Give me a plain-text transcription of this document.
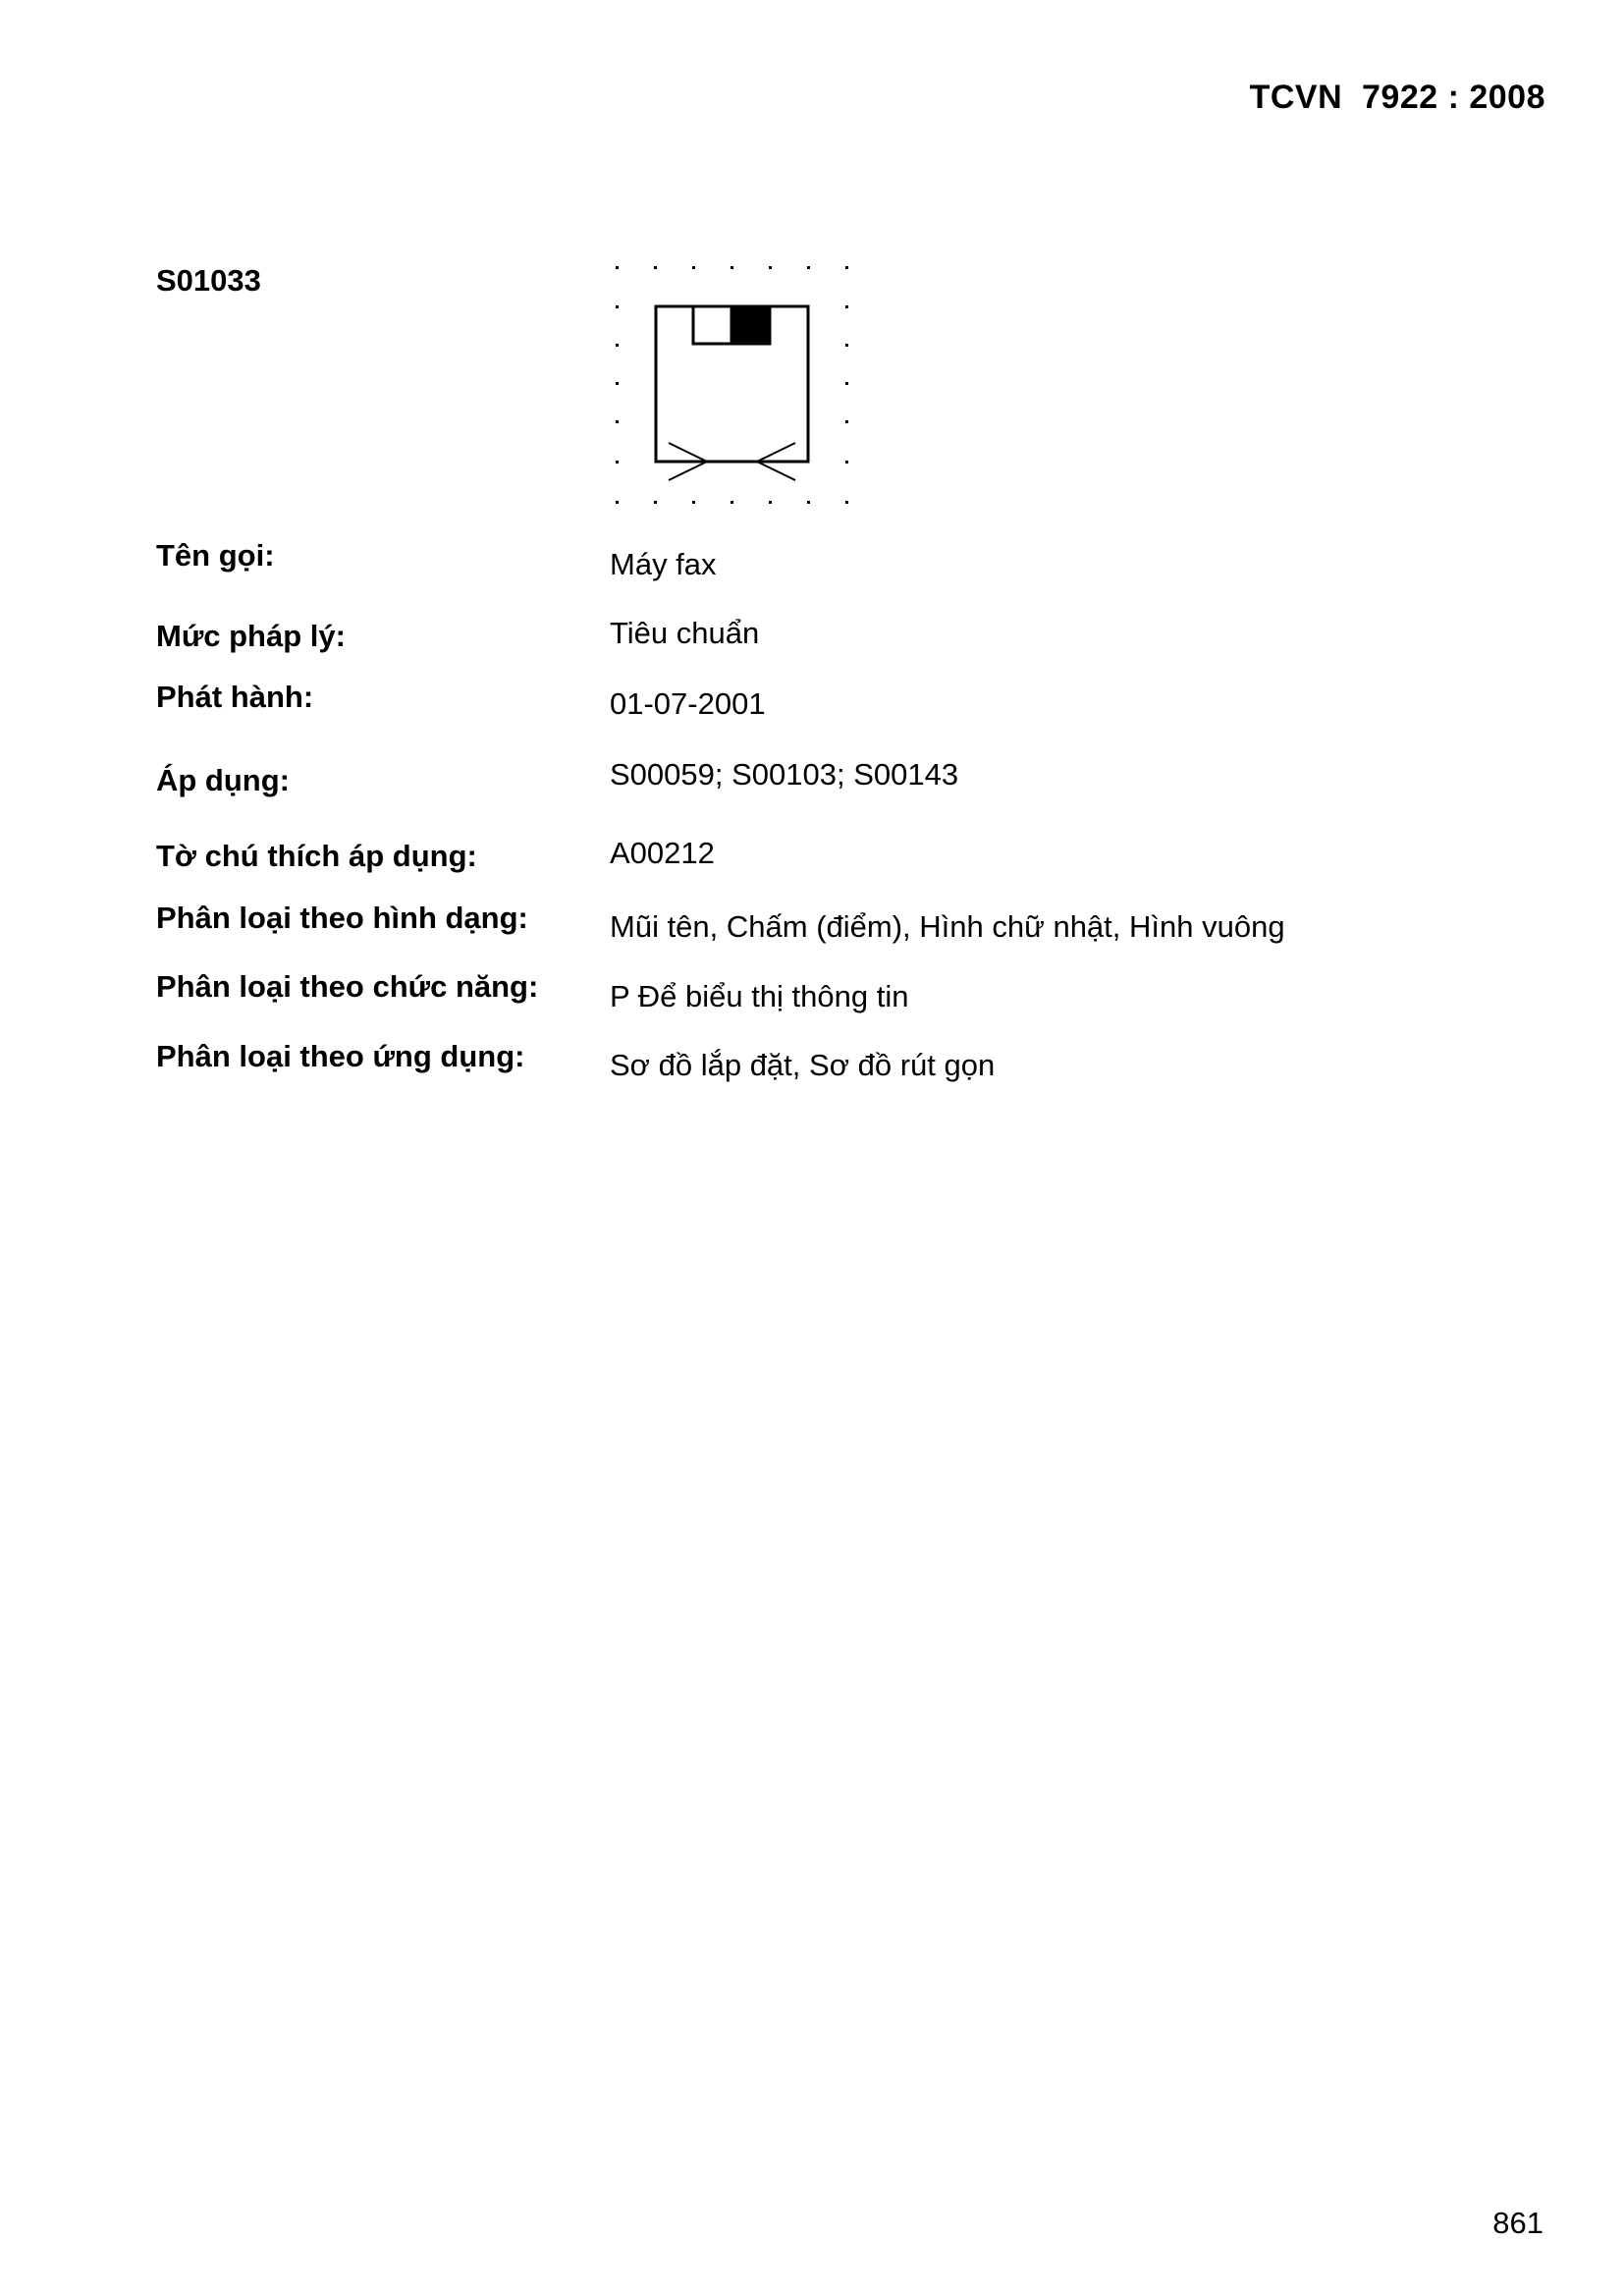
TCVN  7922 : 2008
S01033
Tên gọi:	Máy fax
Mức pháp lý:	Tiêu chuẩn
Phát hành:	01-07-2001
Áp dụng:	S00059; S00103; S00143
Tờ chú thích áp dụng:	A00212
Phân loại theo hình dạng:	Mũi tên, Chấm (điểm), Hình chữ nhật, Hình vuông
Phân loại theo chức năng: P Để biểu thị thông tin
Phân loại theo ứng dụng:	Sơ đồ lắp đặt, Sơ đồ rút gọn
861
